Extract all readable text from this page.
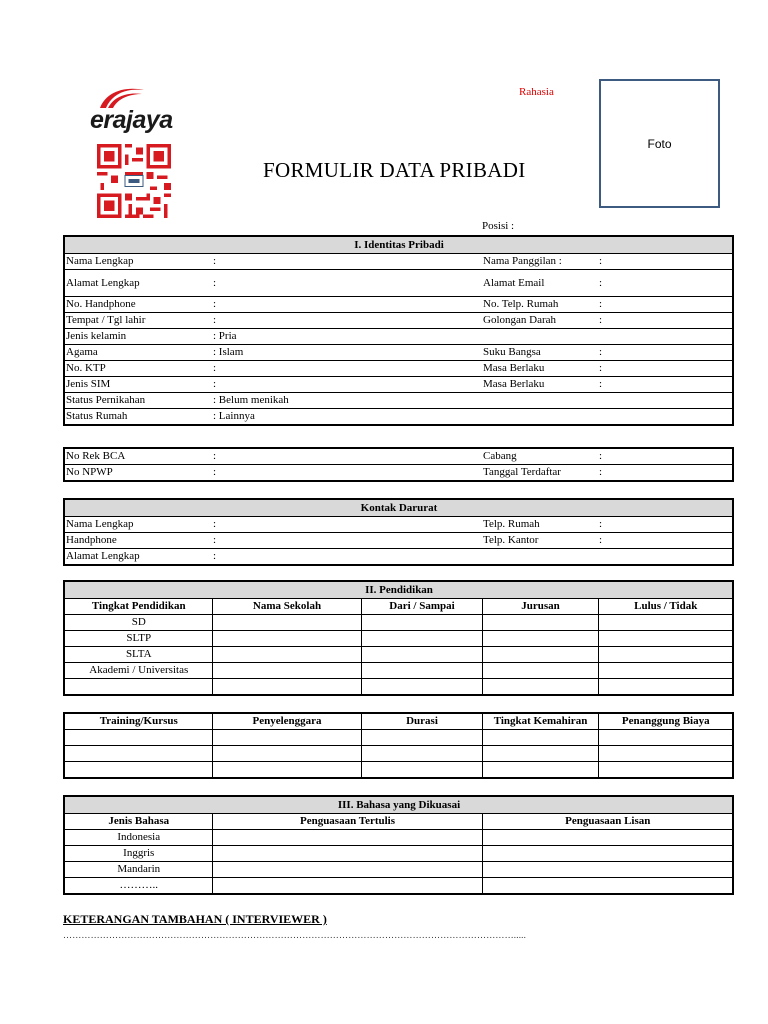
erajaya
Rahasia
Foto
FORMULIR DATA PRIBADI
Posisi :
I. Identitas Pribadi			
Nama Lengkap	:	Nama Panggilan :	:
Alamat Lengkap	:	Alamat Email	:
No. Handphone	:	No. Telp. Rumah	:
Tempat / Tgl lahir	:	Golongan Darah	:
Jenis kelamin	: Pria		
Agama	: Islam	Suku Bangsa	:
No. KTP	:	Masa Berlaku	:
Jenis SIM	:	Masa Berlaku	:
Status Pernikahan	: Belum menikah		
Status Rumah	: Lainnya		
No Rek BCA	:	Cabang	:
No NPWP	:	Tanggal Terdaftar	:
Kontak Darurat			
Nama Lengkap	:	Telp. Rumah	:
Handphone	:	Telp. Kantor	:
Alamat Lengkap	:		
II. Pendidikan				
Tingkat Pendidikan	Nama Sekolah	Dari / Sampai	Jurusan	Lulus / Tidak
SD				
SLTP				
SLTA				
Akademi / Universitas				

Training/Kursus	Penyelenggara	Durasi	Tingkat Kemahiran	Penanggung Biaya

III. Bahasa yang Dikuasai		
Jenis Bahasa	Penguasaan Tertulis	Penguasaan Lisan
Indonesia		
Inggris		
Mandarin		
………..		
KETERANGAN TAMBAHAN ( INTERVIEWER )
………………………………………………………………………………………………………………………………….....
